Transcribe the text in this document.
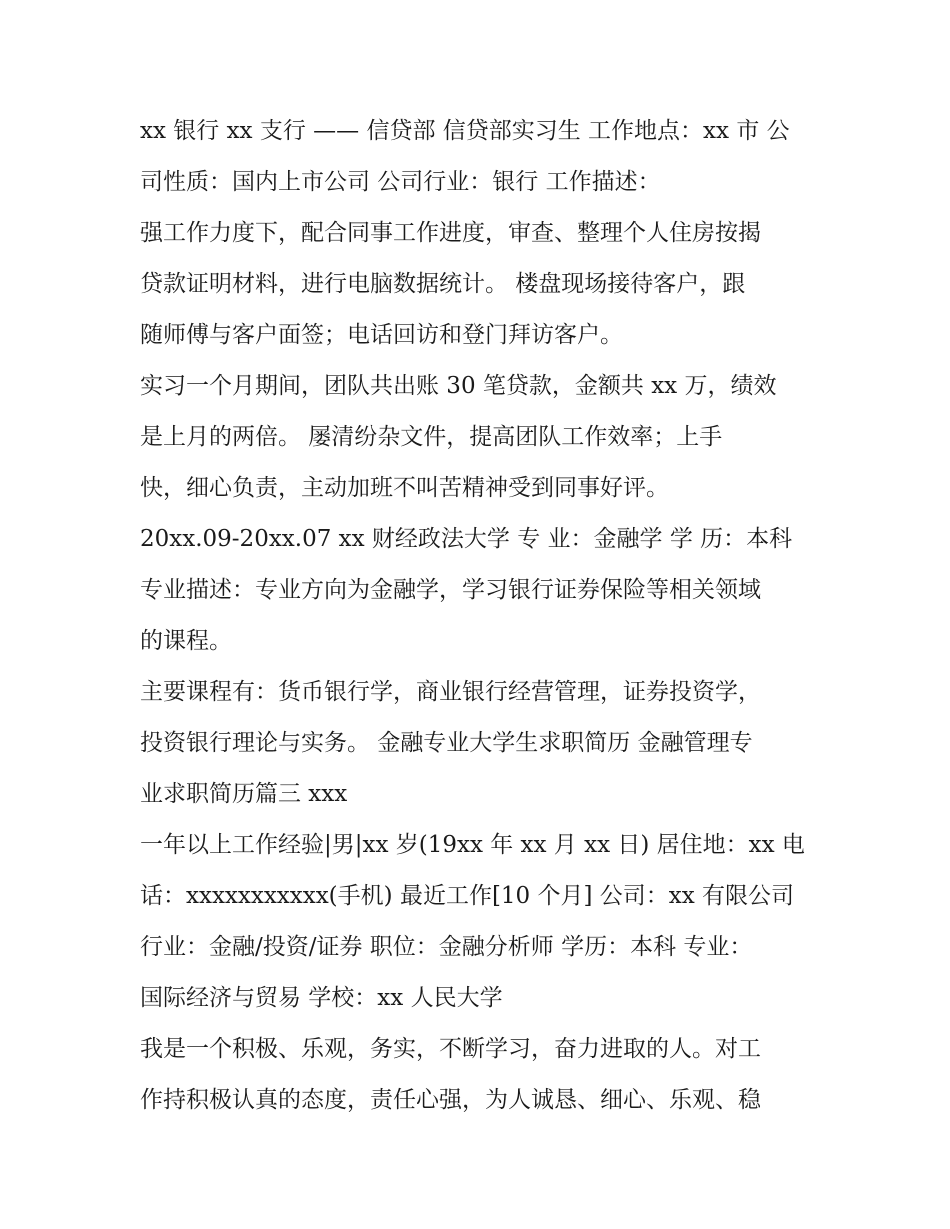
xx 银行 xx 支行 —— 信贷部 信贷部实习生 工作地点：xx 市 公
司性质：国内上市公司 公司行业：银行 工作描述：
强工作力度下，配合同事工作进度，审查、整理个人住房按揭
贷款证明材料，进行电脑数据统计。 楼盘现场接待客户，跟
随师傅与客户面签；电话回访和登门拜访客户。
实习一个月期间，团队共出账 30 笔贷款，金额共 xx 万，绩效
是上月的两倍。 屡清纷杂文件，提高团队工作效率；上手
快，细心负责，主动加班不叫苦精神受到同事好评。
20xx.09-20xx.07 xx 财经政法大学 专 业：金融学 学 历：本科
专业描述：专业方向为金融学，学习银行证券保险等相关领域
的课程。
主要课程有：货币银行学，商业银行经营管理，证券投资学，
投资银行理论与实务。 金融专业大学生求职简历 金融管理专
业求职简历篇三 xxx
一年以上工作经验|男|xx 岁(19xx 年 xx 月 xx 日) 居住地：xx 电
话：xxxxxxxxxxx(手机) 最近工作[10 个月] 公司：xx 有限公司
行业：金融/投资/证券 职位：金融分析师 学历：本科 专业：
国际经济与贸易 学校：xx 人民大学
我是一个积极、乐观，务实，不断学习，奋力进取的人。对工
作持积极认真的态度，责任心强，为人诚恳、细心、乐观、稳
